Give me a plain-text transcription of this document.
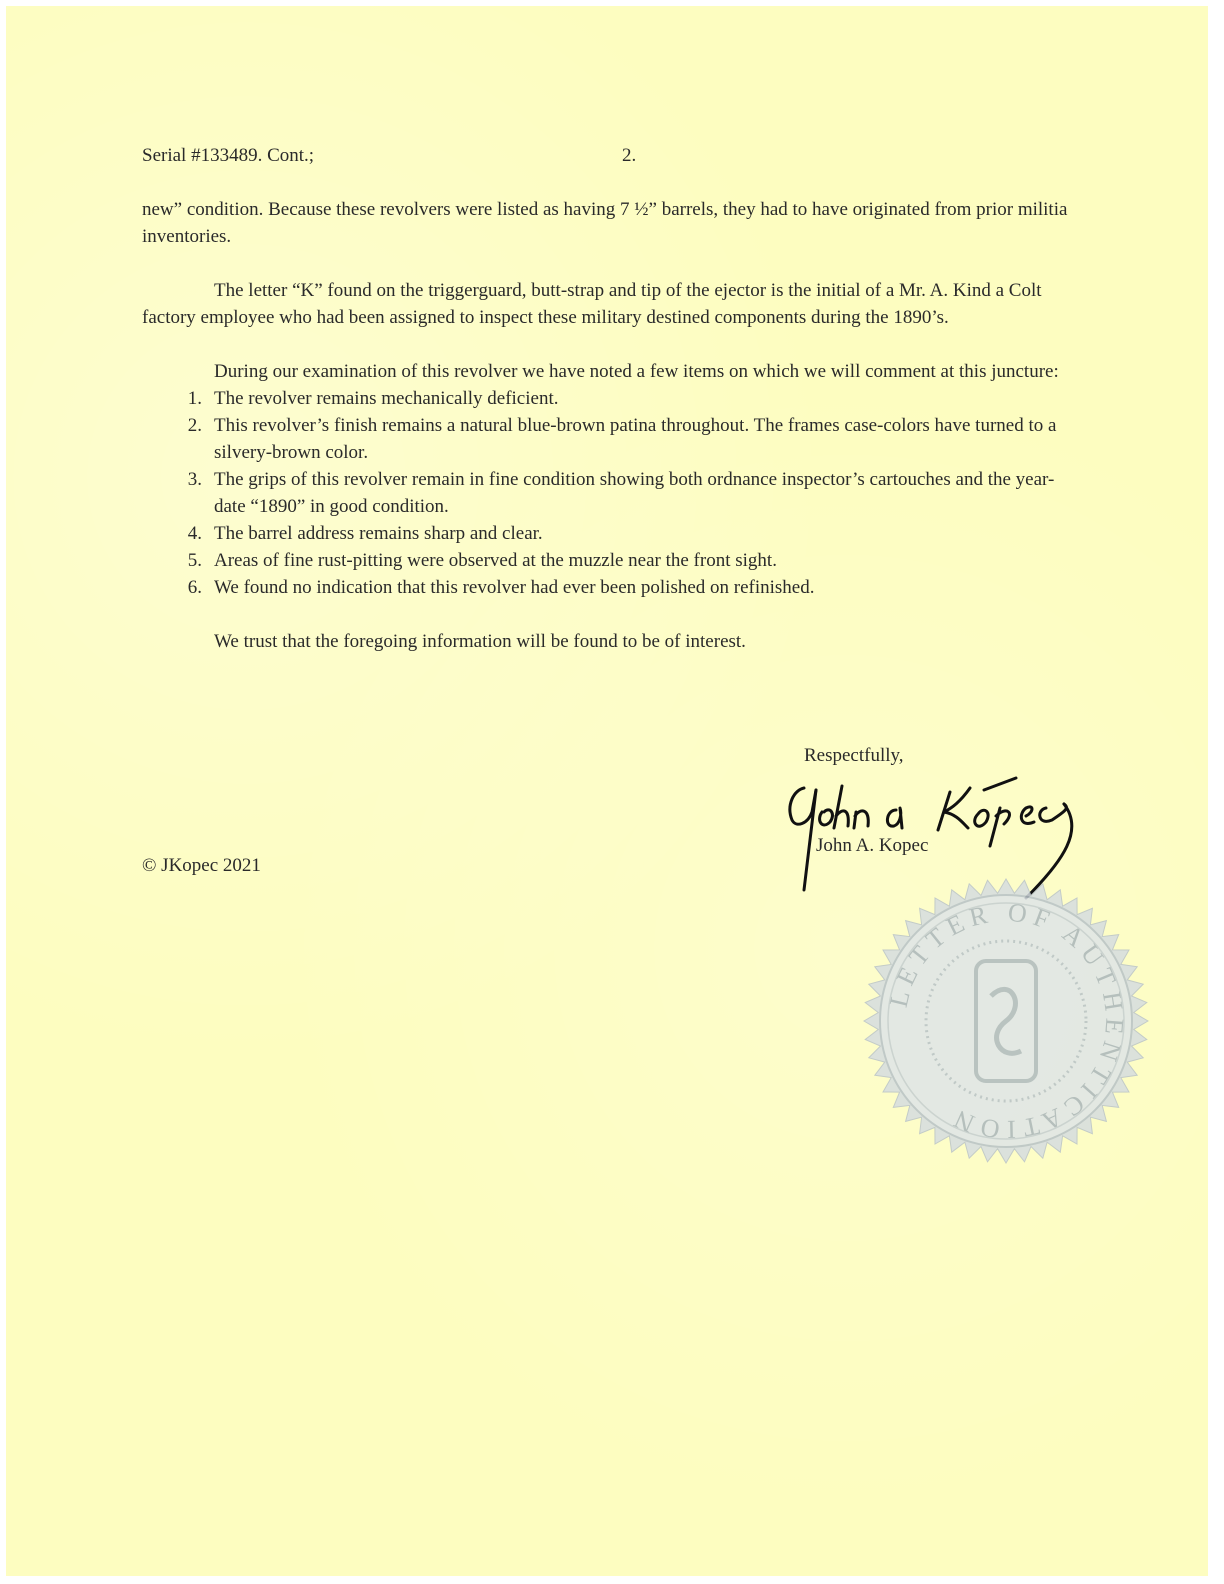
Serial #133489. Cont.;	2.

new” condition. Because these revolvers were listed as having 7 ½” barrels, they had to have originated from prior militia inventories.

The letter “K” found on the triggerguard, butt-strap and tip of the ejector is the initial of a Mr. A. Kind a Colt factory employee who had been assigned to inspect these military destined components during the 1890’s.

During our examination of this revolver we have noted a few items on which we will comment at this juncture:

1. The revolver remains mechanically deficient.
2. This revolver’s finish remains a natural blue-brown patina throughout. The frames case-colors have turned to a silvery-brown color.
3. The grips of this revolver remain in fine condition showing both ordnance inspector’s cartouches and the year-date “1890” in good condition.
4. The barrel address remains sharp and clear.
5. Areas of fine rust-pitting were observed at the muzzle near the front sight.
6. We found no indication that this revolver had ever been polished on refinished.

We trust that the foregoing information will be found to be of interest.

Respectfully,
John A. Kopec
© JKopec 2021
LETTER OF AUTHENTICATION
